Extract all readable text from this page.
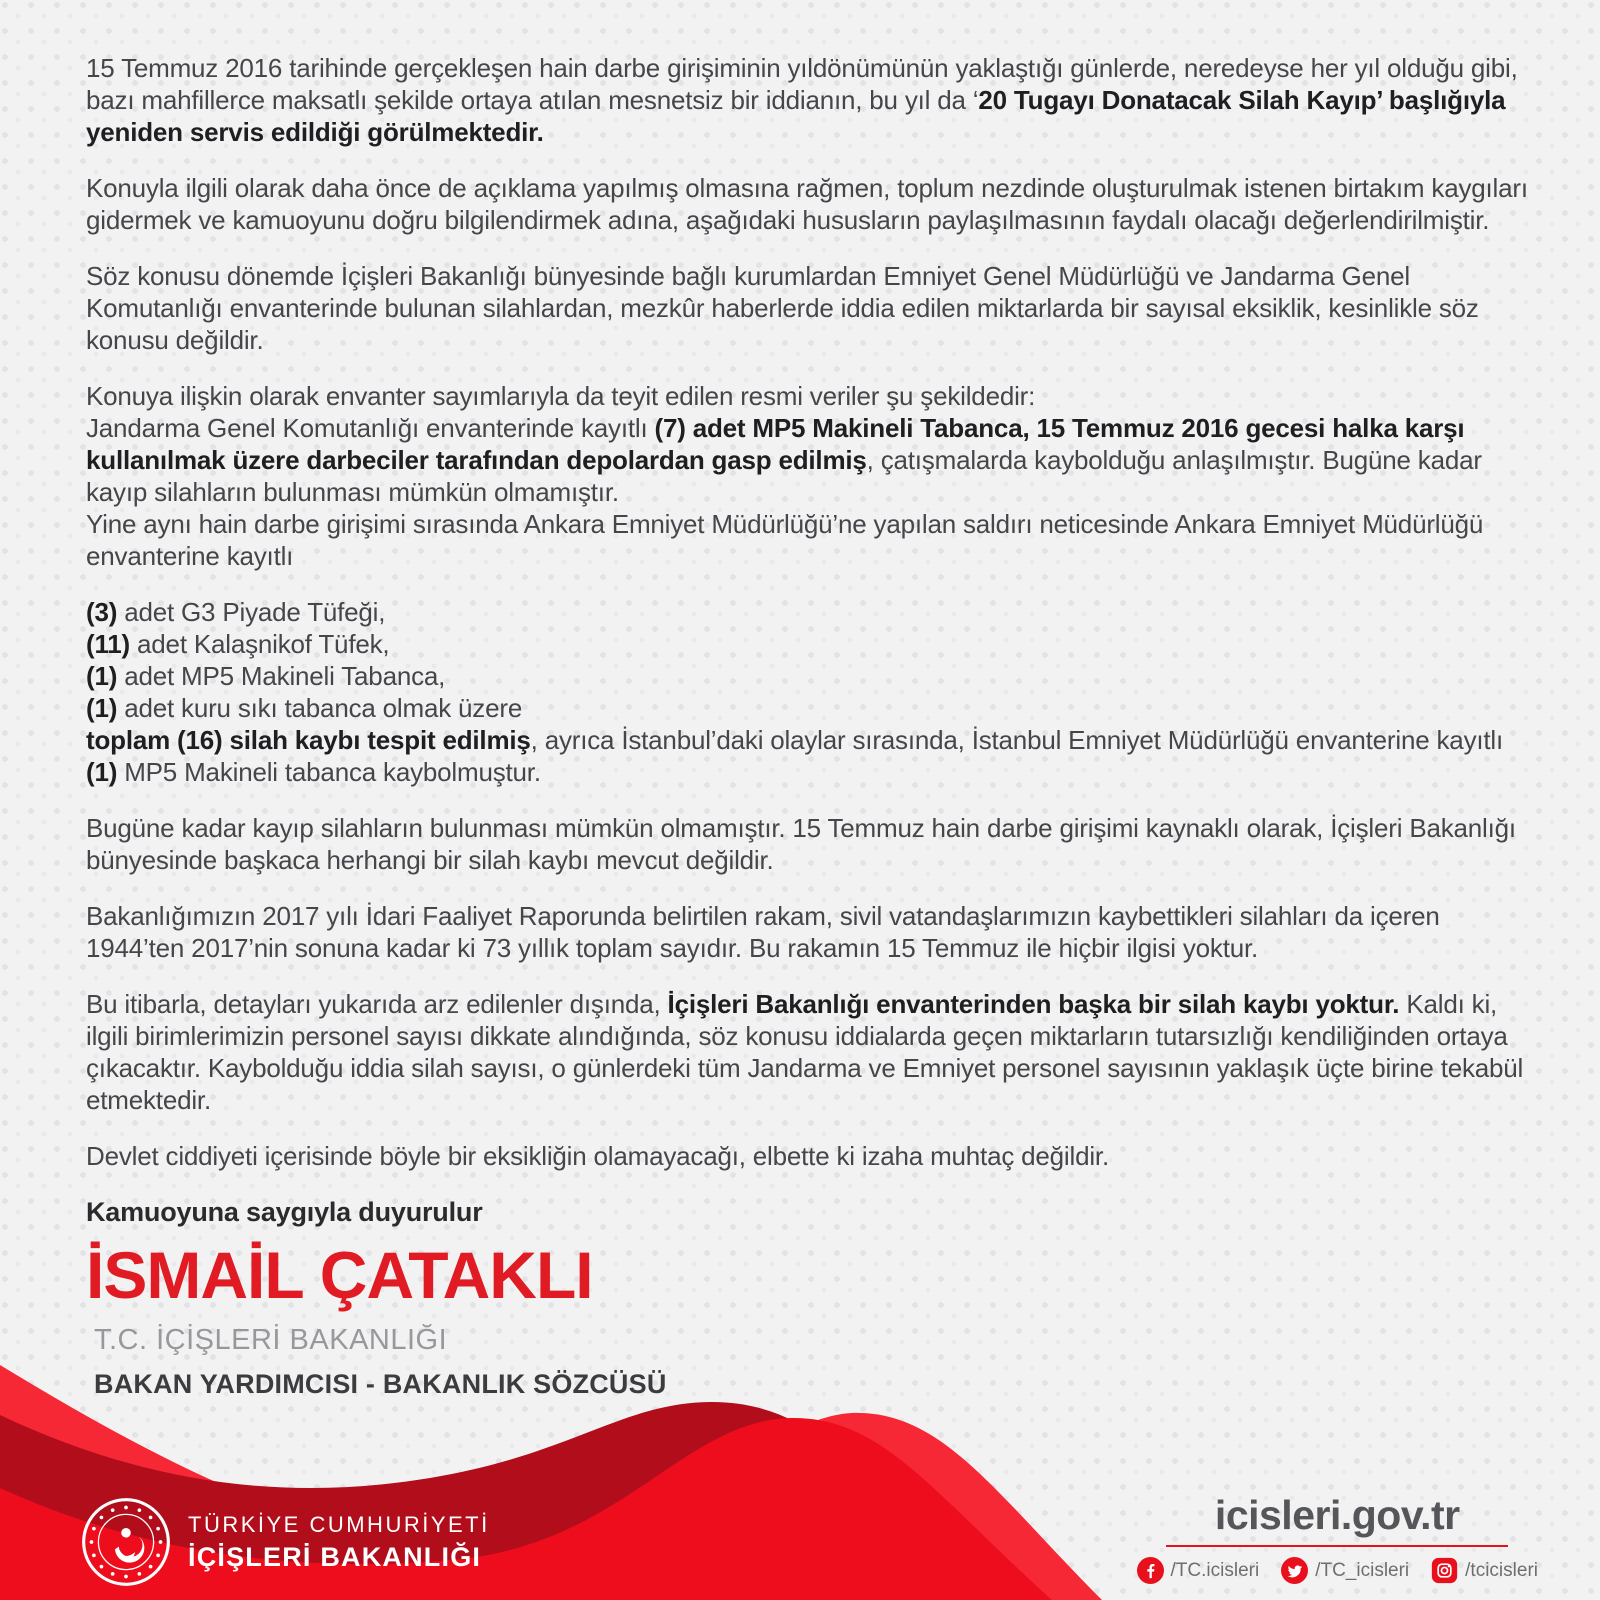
15 Temmuz 2016 tarihinde gerçekleşen hain darbe girişiminin yıldönümünün yaklaştığı günlerde, neredeyse her yıl olduğu gibi, bazı mahfillerce maksatlı şekilde ortaya atılan mesnetsiz bir iddianın, bu yıl da ‘20 Tugayı Donatacak Silah Kayıp’ başlığıyla yeniden servis edildiği görülmektedir.

Konuyla ilgili olarak daha önce de açıklama yapılmış olmasına rağmen, toplum nezdinde oluşturulmak istenen birtakım kaygıları gidermek ve kamuoyunu doğru bilgilendirmek adına, aşağıdaki hususların paylaşılmasının faydalı olacağı değerlendirilmiştir.

Söz konusu dönemde İçişleri Bakanlığı bünyesinde bağlı kurumlardan Emniyet Genel Müdürlüğü ve Jandarma Genel Komutanlığı envanterinde bulunan silahlardan, mezkûr haberlerde iddia edilen miktarlarda bir sayısal eksiklik, kesinlikle söz konusu değildir.

Konuya ilişkin olarak envanter sayımlarıyla da teyit edilen resmi veriler şu şekildedir:

Jandarma Genel Komutanlığı envanterinde kayıtlı (7) adet MP5 Makineli Tabanca, 15 Temmuz 2016 gecesi halka karşı kullanılmak üzere darbeciler tarafından depolardan gasp edilmiş, çatışmalarda kaybolduğu anlaşılmıştır. Bugüne kadar kayıp silahların bulunması mümkün olmamıştır.

Yine aynı hain darbe girişimi sırasında Ankara Emniyet Müdürlüğü’ne yapılan saldırı neticesinde Ankara Emniyet Müdürlüğü envanterine kayıtlı

(3) adet G3 Piyade Tüfeği,

(11) adet Kalaşnikof Tüfek,

(1) adet MP5 Makineli Tabanca,

(1) adet kuru sıkı tabanca olmak üzere

toplam (16) silah kaybı tespit edilmiş, ayrıca İstanbul’daki olaylar sırasında, İstanbul Emniyet Müdürlüğü envanterine kayıtlı (1) MP5 Makineli tabanca kaybolmuştur.

Bugüne kadar kayıp silahların bulunması mümkün olmamıştır. 15 Temmuz hain darbe girişimi kaynaklı olarak, İçişleri Bakanlığı bünyesinde başkaca herhangi bir silah kaybı mevcut değildir.

Bakanlığımızın 2017 yılı İdari Faaliyet Raporunda belirtilen rakam, sivil vatandaşlarımızın kaybettikleri silahları da içeren 1944’ten 2017’nin sonuna kadar ki 73 yıllık toplam sayıdır. Bu rakamın 15 Temmuz ile hiçbir ilgisi yoktur.

Bu itibarla, detayları yukarıda arz edilenler dışında, İçişleri Bakanlığı envanterinden başka bir silah kaybı yoktur. Kaldı ki, ilgili birimlerimizin personel sayısı dikkate alındığında, söz konusu iddialarda geçen miktarların tutarsızlığı kendiliğinden ortaya çıkacaktır. Kaybolduğu iddia silah sayısı, o günlerdeki tüm Jandarma ve Emniyet personel sayısının yaklaşık üçte birine tekabül etmektedir.

Devlet ciddiyeti içerisinde böyle bir eksikliğin olamayacağı, elbette ki izaha muhtaç değildir.

Kamuoyuna saygıyla duyurulur

İSMAİL ÇATAKLI
T.C. İÇİŞLERİ BAKANLIĞI
BAKAN YARDIMCISI - BAKANLIK SÖZCÜSÜ
TÜRKİYE CUMHURİYETİ
İÇİŞLERİ BAKANLIĞI
icisleri.gov.tr
/TC.icisleri	/TC_icisleri	/tcicisleri
